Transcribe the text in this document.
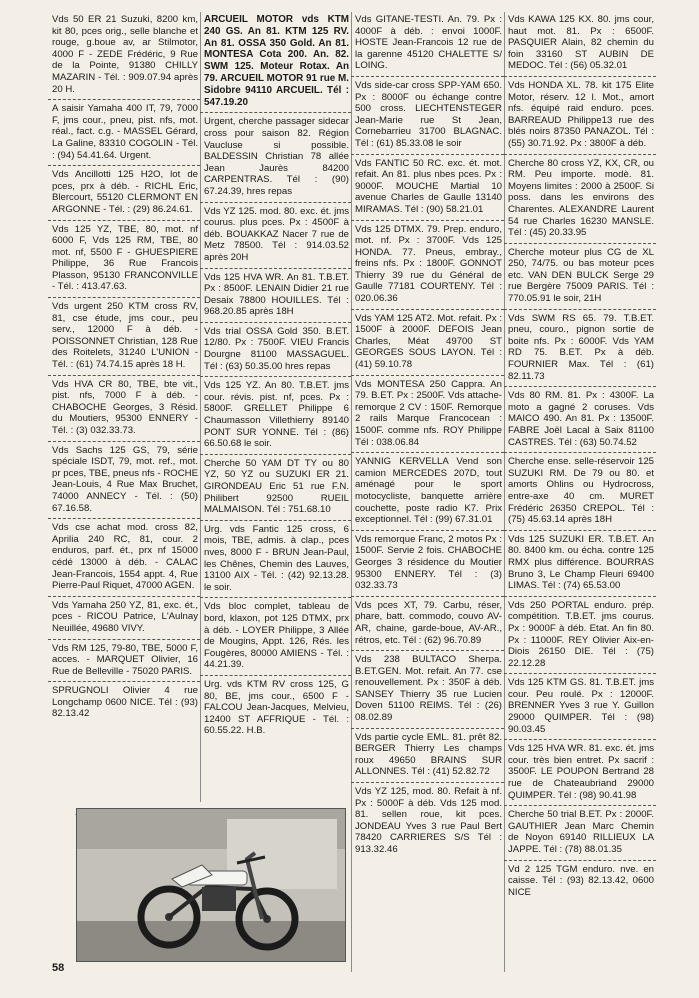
Vds 50 ER 21 Suzuki, 8200 km, kit 80, pces orig., selle blanche et rouge, g.boue av, ar Stilmotor, 4000 F - ZEDE Frédéric, 9 Rue de la Pointe, 91380 CHILLY MAZARIN - Tél. : 909.07.94 après 20 H.

A saisir Yamaha 400 IT, 79, 7000 F, jms cour., pneu, pist. nfs, mot. réal., fact. c.g. - MASSEL Gérard, La Galine, 83310 COGOLIN - Tél. : (94) 54.41.64. Urgent.

Vds Ancillotti 125 H2O, lot de pces, prx à déb. - RICHL Eric, Blercourt, 55120 CLERMONT EN ARGONNE - Tél. : (29) 86.24.61.

Vds 125 YZ, TBE, 80, mot. nf 6000 F, Vds 125 RM, TBE, 80 mot. nf, 5500 F - GHUESPIERE Philippe, 36 Rue Francois Plasson, 95130 FRANCONVILLE - Tél. : 413.47.63.

Vds urgent 250 KTM cross RV, 81, cse étude, jms cour., peu serv., 12000 F à déb. - POISSONNET Christian, 128 Rue des Roitelets, 31240 L'UNION - Tél. : (61) 74.74.15 après 18 H.

Vds HVA CR 80, TBE, bte vit., pist. nfs, 7000 F à déb. - CHABOCHE Georges, 3 Résid. du Moutiers, 95300 ENNERY - Tél. : (3) 032.33.73.

Vds Sachs 125 GS, 79, série spéciale ISDT, 79, mot. ref., mot. pr pces, TBE, pneus nfs - ROCHE Jean-Louis, 4 Rue Max Bruchet, 74000 ANNECY - Tél. : (50) 67.16.58.

Vds cse achat mod. cross 82, Aprilia 240 RC, 81, cour. 2 enduros, parf. ét., prx nf 15000 cédé 13000 à déb. - CALAC Jean-Francois, 1554 appt. 4, Rue Pierre-Paul Riquet, 47000 AGEN.

Vds Yamaha 250 YZ, 81, exc. ét., pces - RICOU Patrice, L'Aulnay Neuillée, 49680 VIVY.

Vds RM 125, 79-80, TBE, 5000 F, acces. - MARQUET Olivier, 16 Rue de Belleville - 75020 PARIS.

SPRUGNOLI Olivier 4 rue Longchamp 0600 NICE. Tél : (93) 82.13.42

ARCUEIL MOTOR vds KTM 240 GS. An 81. KTM 125 RV. An 81. OSSA 350 Gold. An 81. MONTESA Cota 200. An. 82. SWM 125. Moteur Rotax. An 79. ARCUEIL MOTOR 91 rue M. Sidobre 94110 ARCUEIL. Tél : 547.19.20

Urgent, cherche passager sidecar cross pour saison 82. Région Vaucluse si possible. BALDESSIN Christian 78 allée Jean Jaurès 84200 CARPENTRAS. Tél : (90) 67.24.39, hres repas

Vds YZ 125. mod. 80. exc. ét. jms courus. plus pces. Px : 4500F à déb. BOUAKKAZ Nacer 7 rue de Metz 78500. Tél : 914.03.52 après 20H

Vds 125 HVA WR. An 81. T.B.ET. Px : 8500F. LENAIN Didier 21 rue Desaix 78800 HOUILLES. Tél : 968.20.85 après 18H

Vds trial OSSA Gold 350. B.ET. 12/80. Px : 7500F. VIEU Francis Dourgne 81100 MASSAGUEL. Tél : (63) 50.35.00 hres repas

Vds 125 YZ. An 80. T.B.ET. jms cour. révis. pist. nf, pces. Px : 5800F. GRELLET Philippe 6 Chaumasson Villethierry 89140 PONT SUR YONNE. Tél : (86) 66.50.68 le soir.

Cherche 50 YAM DT TY ou 80 YZ, 50 YZ ou SUZUKI ER 21. GIRONDEAU Eric 51 rue F.N. Philibert 92500 RUEIL MALMAISON. Tél : 751.68.10

Urg. vds Fantic 125 cross, 6 mois, TBE, admis. à clap., pces nves, 8000 F - BRUN Jean-Paul, les Chênes, Chemin des Lauves, 13100 AIX - Tél. : (42) 92.13.28. le soir.

Vds bloc complet, tableau de bord, klaxon, pot 125 DTMX, prx à déb. - LOYER Philippe, 3 Allée de Mougins, Appt. 126, Rés. les Fougères, 80000 AMIENS - Tél. : 44.21.39.

Urg. vds KTM RV cross 125, G 80, BE, jms cour., 6500 F - FALCOU Jean-Jacques, Melvieu, 12400 ST AFFRIQUE - Tél. : 60.55.22. H.B.

Vds GITANE-TESTI. An. 79. Px : 4000F à déb. : envoi 1000F. HOSTE Jean-Francois 12 rue de la garenne 45120 CHALETTE S/ LOING.

Vds side-car cross SPP-YAM 650. Px : 8000F ou échange contre 500 cross. LIECHTENSTEGER Jean-Marie rue St Jean, Cornebarrieu 31700 BLAGNAC. Tél : (61) 85.33.08 le soir

Vds FANTIC 50 RC. exc. ét. mot. refait. An 81. plus nbes pces. Px : 9000F. MOUCHE Martial 10 avenue Charles de Gaulle 13140 MIRAMAS. Tél : (90) 58.21.01

Vds 125 DTMX. 79. Prep. enduro, mot. nf. Px : 3700F. Vds 125 HONDA. 77. Pneus, embray., freins nfs. Px : 1800F. GONNOT Thierry 39 rue du Général de Gaulle 77181 COURTENY. Tél : 020.06.36

Vds YAM 125 AT2. Mot. refait. Px : 1500F à 2000F. DEFOIS Jean Charles, Méat 49700 ST GEORGES SOUS LAYON. Tél : (41) 59.10.78

Vds MONTESA 250 Cappra. An 79. B.ET. Px : 2500F. Vds attache-remorque 2 CV : 150F. Remorque 2 rails Marque Francocean : 1500F. comme nfs. ROY Philippe Tél : 038.06.84

YANNIG KERVELLA Vend son camion MERCEDES 207D, tout aménagé pour le sport motocycliste, banquette arrière couchette, poste radio K7. Prix exceptionnel. Tél : (99) 67.31.01

Vds remorque Franc, 2 motos Px : 1500F. Servie 2 fois. CHABOCHE Georges 3 résidence du Moutier 95300 ENNERY. Tél : (3) 032.33.73

Vds pces XT, 79. Carbu, réser, phare, batt. commodo, couvo AV-AR, chaine, garde-boue, AV-AR., rétros, etc. Tél : (62) 96.70.89

Vds 238 BULTACO Sherpa. B.ET.GEN. Mot. refait. An 77. cse renouvellement. Px : 350F à déb. SANSEY Thierry 35 rue Lucien Doven 51100 REIMS. Tél : (26) 08.02.89

Vds partie cycle EML. 81. prêt 82. BERGER Thierry Les champs roux 49650 BRAINS SUR ALLONNES. Tél : (41) 52.82.72

Vds YZ 125, mod. 80. Refait à nf. Px : 5000F à déb. Vds 125 mod. 81. sellen roue, kit pces. JONDEAU Yves 3 rue Paul Bert 78420 CARRIERES S/S Tél : 913.32.46

Vds KAWA 125 KX. 80. jms cour, haut mot. 81. Px : 6500F. PASQUIER Alain, 82 chemin du foin 33160 ST AUBIN DE MEDOC. Tél : (56) 05.32.01

Vds HONDA XL. 78. kit 175 Elite Motor, réserv. 12 l. Mot., amort nfs. équipé raid enduro. pces. BARREAUD Philippe13 rue des blés noirs 87350 PANAZOL. Tél : (55) 30.71.92. Px : 3800F à déb.

Cherche 80 cross YZ, KX, CR, ou RM. Peu importe. modè. 81. Moyens limites : 2000 à 2500F. Si poss. dans les environs des Charentes. ALEXANDRE Laurent 54 rue Charles 16230 MANSLE. Tél : (45) 20.33.95

Cherche moteur plus CG de XL 250, 74/75. ou bas moteur pces etc. VAN DEN BULCK Serge 29 rue Bergère 75009 PARIS. Tél : 770.05.91 le soir, 21H

Vds SWM RS 65. 79. T.B.ET. pneu, couro., pignon sortie de boite nfs. Px : 6000F. Vds YAM RD 75. B.ET. Px à déb. FOURNIER Max. Tél : (61) 82.11.73

Vds 80 RM. 81. Px : 4300F. La moto a gagné 2 coruses. Vds MAICO 490. An 81. Px : 13500F. FABRE Joël Lacal à Saix 81100 CASTRES. Tél : (63) 50.74.52

Cherche ense. selle-réservoir 125 SUZUKI RM. De 79 ou 80. et amorts Ohlins ou Hydrocross, entre-axe 40 cm. MURET Frédéric 26350 CREPOL. Tél : (75) 45.63.14 après 18H

Vds 125 SUZUKI ER. T.B.ET. An 80. 8400 km. ou écha. contre 125 RMX plus différence. BOURRAS Bruno 3, Le Champ Fleuri 69400 LIMAS. Tél : (74) 65.53.00

Vds 250 PORTAL enduro. prép. compétition. T.B.ET. jms courus. Px : 9000F à déb. Etat. An fin 80. Px : 11000F. REY Olivier Aix-en-Diois 26150 DIE. Tél : (75) 22.12.28

Vds 125 KTM GS. 81. T.B.ET. jms cour. Peu roulé. Px : 12000F. BRENNER Yves 3 rue Y. Guillon 29000 QUIMPER. Tél : (98) 90.03.45

Vds 125 HVA WR. 81. exc. ét. jms cour. très bien entret. Px sacrif : 3500F. LE POUPON Bertrand 28 rue de Chateaubriand 29000 QUIMPER. Tél : (98) 90.41.98

Cherche 50 trial B.ET. Px : 2000F. GAUTHIER Jean Marc Chemin de Noyon 69140 RILLIEUX LA JAPPE. Tél : (78) 88.01.35

Vd 2 125 TGM enduro. nve. en caisse. Tél : (93) 82.13.42, 0600 NICE

58
